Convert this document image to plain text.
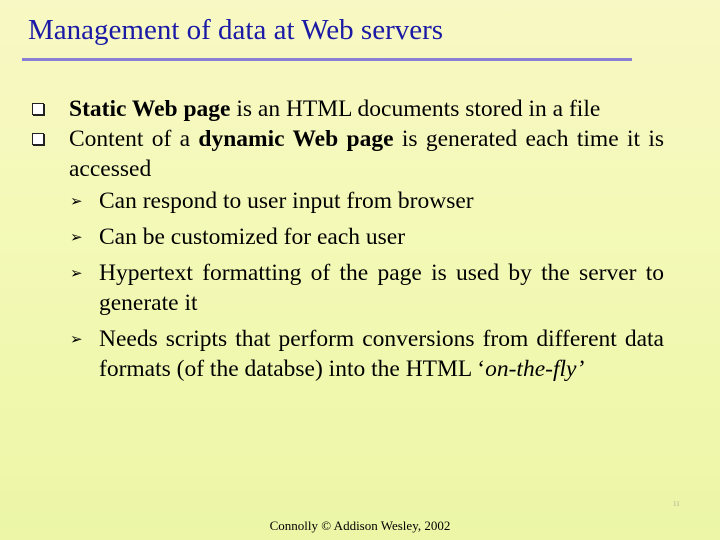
Management of data at Web servers

Static Web page is an HTML documents stored in a file

Content of a dynamic Web page is generated each time it is accessed

➢ Can respond to user input from browser

➢ Can be customized for each user

➢ Hypertext formatting of the page is used by the server to generate it

➢ Needs scripts that perform conversions from different data formats (of the databse) into the HTML ‘on-the-fly’

11
Connolly © Addison Wesley, 2002
